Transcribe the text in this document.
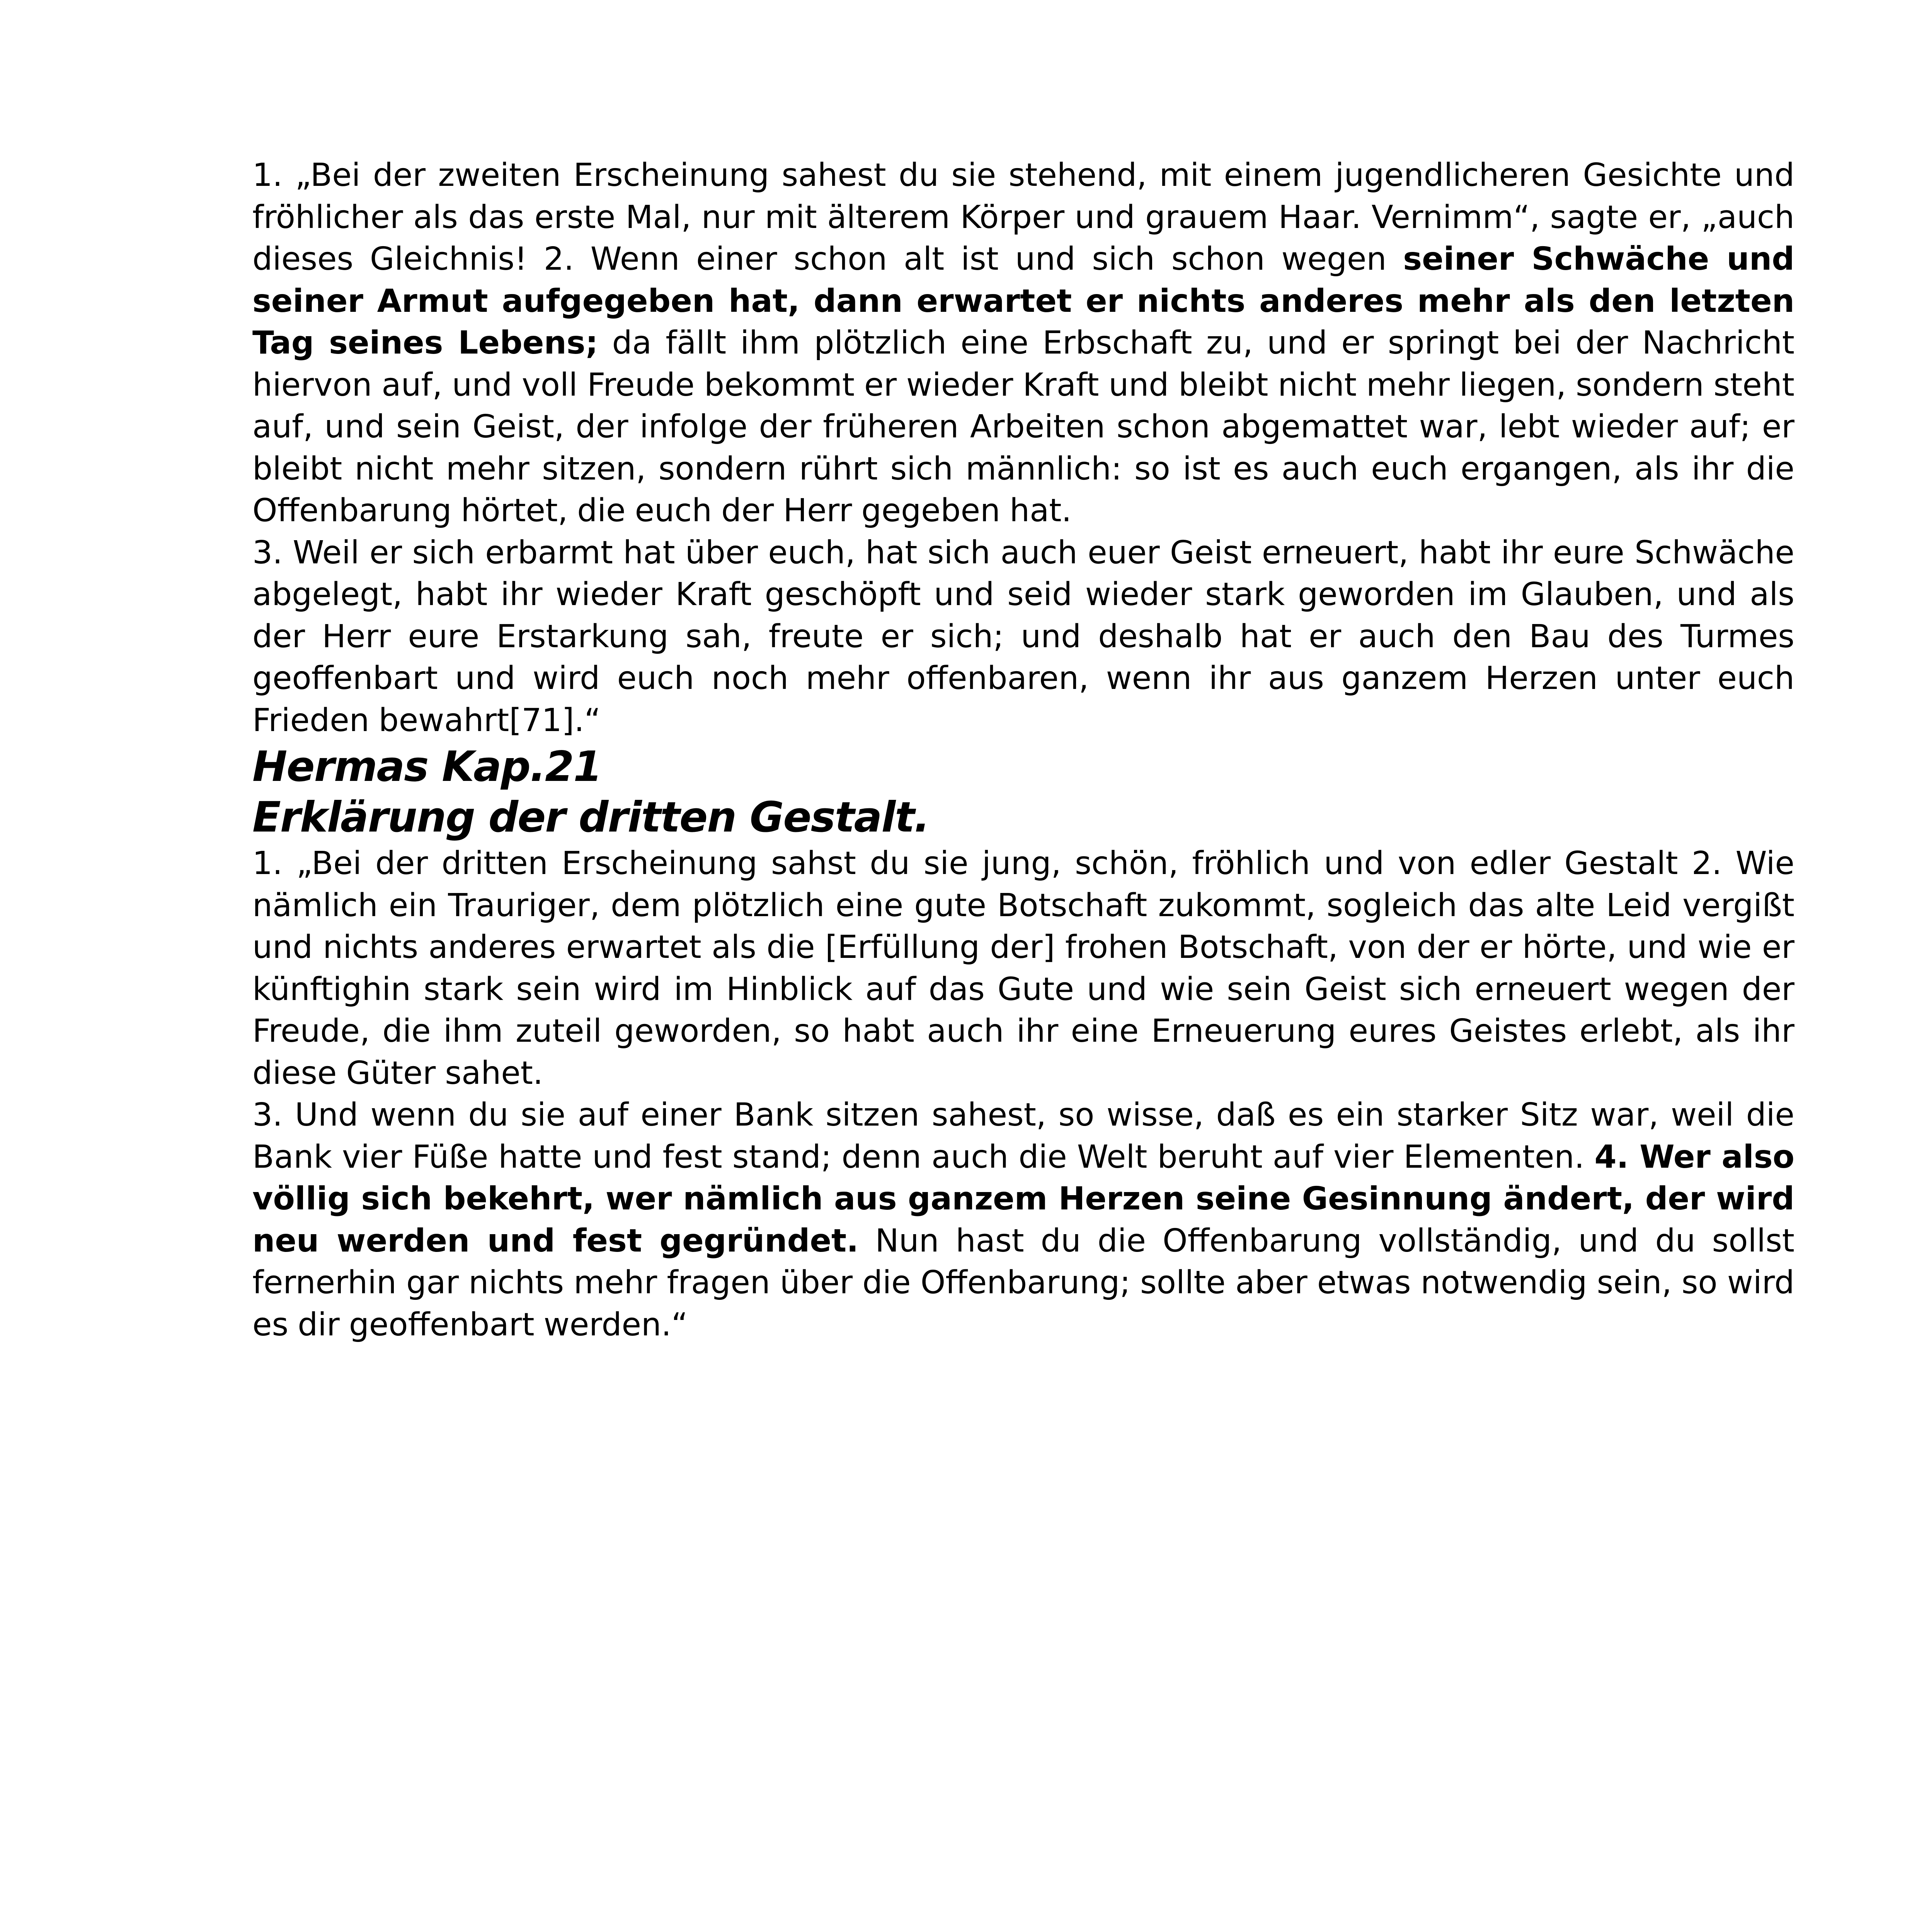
1. „Bei der zweiten Erscheinung sahest du sie stehend, mit einem jugendlicheren Gesichte und fröhlicher als das erste Mal, nur mit älterem Körper und grauem Haar. Vernimm“, sagte er, „auch dieses Gleichnis! 2. Wenn einer schon alt ist und sich schon wegen seiner Schwäche und seiner Armut aufgegeben hat, dann erwartet er nichts anderes mehr als den letzten Tag seines Lebens; da fällt ihm plötzlich eine Erbschaft zu, und er springt bei der Nachricht hiervon auf, und voll Freude bekommt er wieder Kraft und bleibt nicht mehr liegen, sondern steht auf, und sein Geist, der infolge der früheren Arbeiten schon abgemattet war, lebt wieder auf; er bleibt nicht mehr sitzen, sondern rührt sich männlich: so ist es auch euch ergangen, als ihr die Offenbarung hörtet, die euch der Herr gegeben hat.

3. Weil er sich erbarmt hat über euch, hat sich auch euer Geist erneuert, habt ihr eure Schwäche abgelegt, habt ihr wieder Kraft geschöpft und seid wieder stark geworden im Glauben, und als der Herr eure Erstarkung sah, freute er sich; und deshalb hat er auch den Bau des Turmes geoffenbart und wird euch noch mehr offenbaren, wenn ihr aus ganzem Herzen unter euch Frieden bewahrt[71].“

Hermas Kap.21
Erklärung der dritten Gestalt.

1. „Bei der dritten Erscheinung sahst du sie jung, schön, fröhlich und von edler Gestalt 2. Wie nämlich ein Trauriger, dem plötzlich eine gute Botschaft zukommt, sogleich das alte Leid vergißt und nichts anderes erwartet als die [Erfüllung der] frohen Botschaft, von der er hörte, und wie er künftighin stark sein wird im Hinblick auf das Gute und wie sein Geist sich erneuert wegen der Freude, die ihm zuteil geworden, so habt auch ihr eine Erneuerung eures Geistes erlebt, als ihr diese Güter sahet.

3. Und wenn du sie auf einer Bank sitzen sahest, so wisse, daß es ein starker Sitz war, weil die Bank vier Füße hatte und fest stand; denn auch die Welt beruht auf vier Elementen. 4. Wer also völlig sich bekehrt, wer nämlich aus ganzem Herzen seine Gesinnung ändert, der wird neu werden und fest gegründet. Nun hast du die Offenbarung vollständig, und du sollst fernerhin gar nichts mehr fragen über die Offenbarung; sollte aber etwas notwendig sein, so wird es dir geoffenbart werden.“
